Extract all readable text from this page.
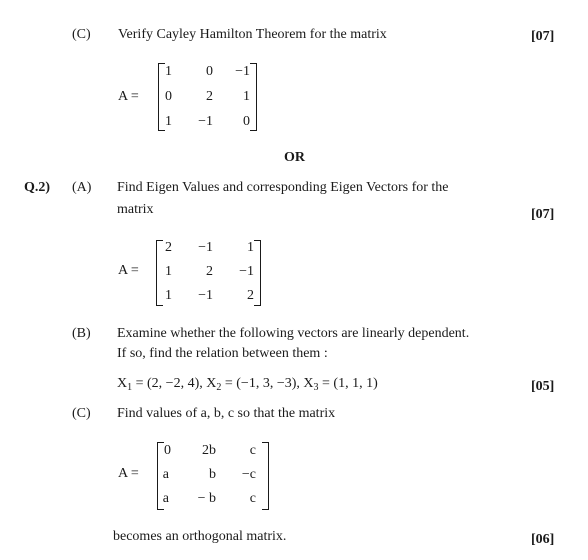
(C) Verify Cayley Hamilton Theorem for the matrix	[07]
A =
1	0	−1
0	2	1
1	−1	0
OR
Q.2) (A) Find Eigen Values and corresponding Eigen Vectors for the
matrix	[07]
A =
2	−1	1
1	2	−1
1	−1	2
(B) Examine whether the following vectors are linearly dependent.
If so, find the relation between them :
$X_1 = (2$, −2, 4), $X_2 = (-1$, 3, −3), $X_3 = (1$, 1, 1)	[05]
(C) Find values of a, b, c so that the matrix
A =
0	2b	c
a	b	−c
a	− b	c
becomes an orthogonal matrix.	[06]
